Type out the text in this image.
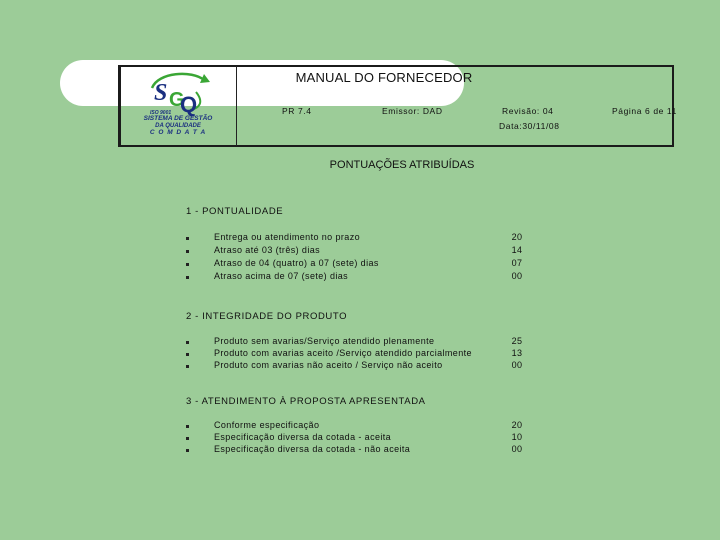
MANUAL DO FORNECEDOR
PR 7.4	Emissor: DAD	Revisão: 04
Data:30/11/08
Página 6 de 11
S G
Q
ISO 9001
SISTEMA DE GESTÃO
DA QUALIDADE
C O M D A T A
PONTUAÇÕES ATRIBUÍDAS
1 - PONTUALIDADE
Entrega ou atendimento no prazo	20
Atraso até 03 (três) dias	14
Atraso de 04 (quatro) a 07 (sete) dias	07
Atraso acima de 07 (sete) dias	00
2 - INTEGRIDADE DO PRODUTO
Produto sem avarias/Serviço atendido plenamente	25
Produto com avarias aceito /Serviço atendido parcialmente	13
Produto com avarias não aceito / Serviço não aceito	00
3 - ATENDIMENTO À PROPOSTA APRESENTADA
Conforme especificação	20
Especificação diversa da cotada - aceita	10
Especificação diversa da cotada - não aceita	00
